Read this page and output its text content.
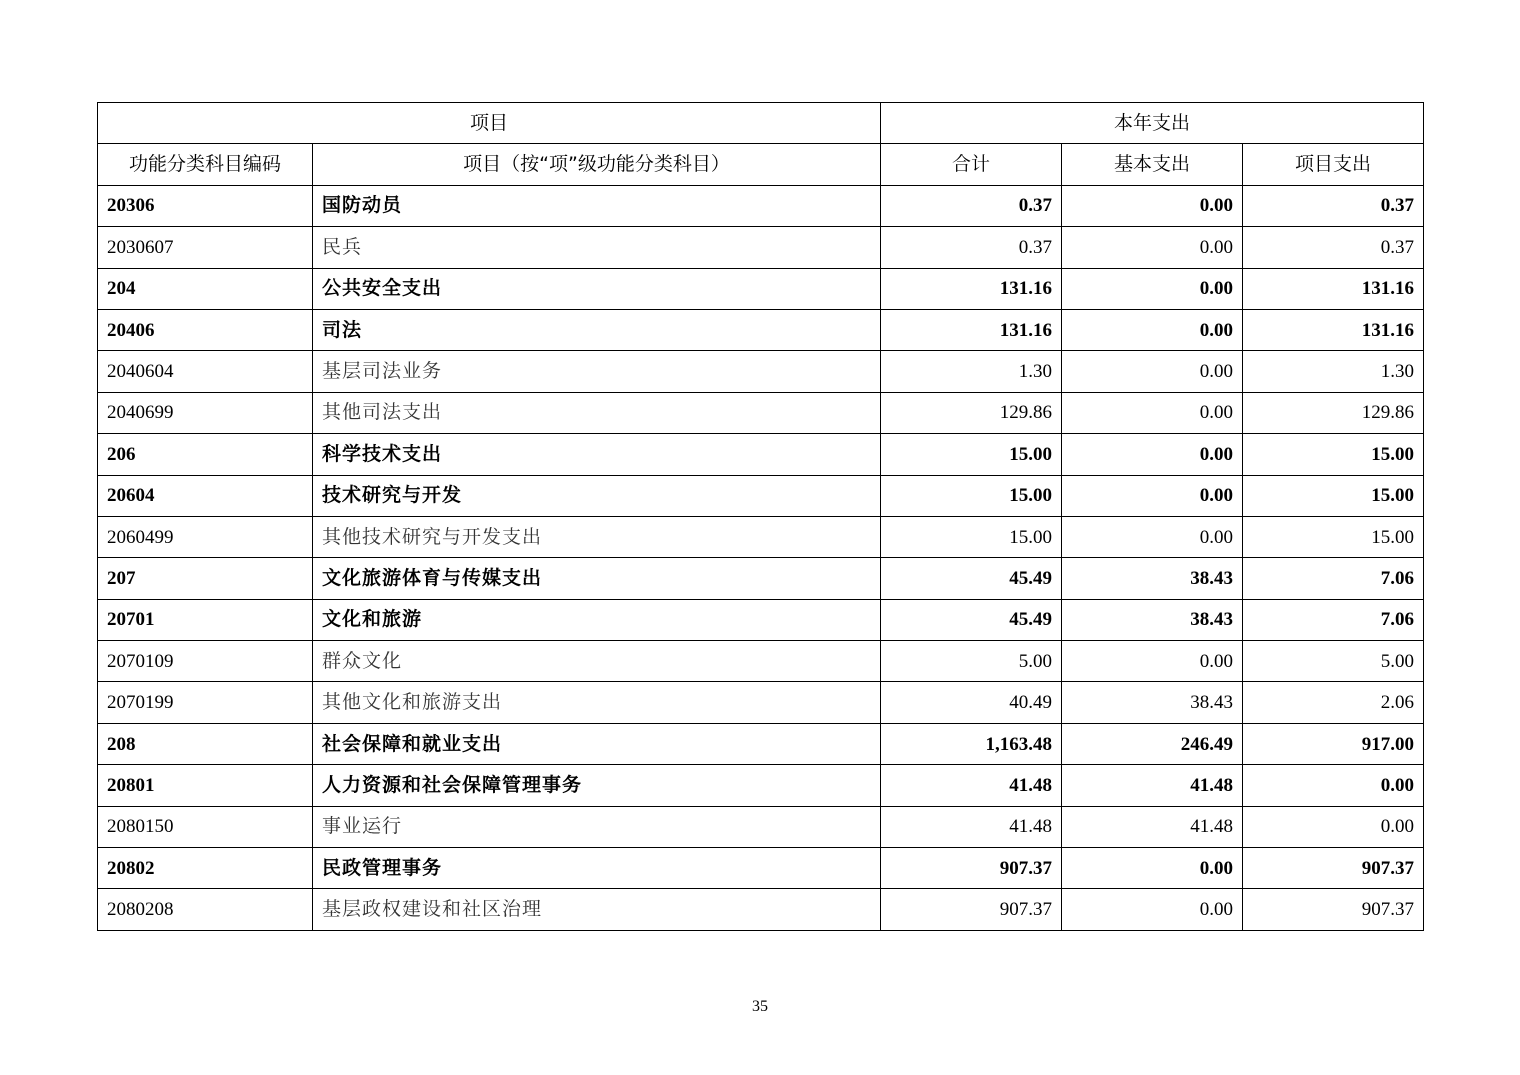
项目		本年支出		
功能分类科目编码	项目（按“项”级功能分类科目）	合计	基本支出	项目支出
20306	国防动员	0.37	0.00	0.37
2030607	民兵	0.37	0.00	0.37
204	公共安全支出	131.16	0.00	131.16
20406	司法	131.16	0.00	131.16
2040604	基层司法业务	1.30	0.00	1.30
2040699	其他司法支出	129.86	0.00	129.86
206	科学技术支出	15.00	0.00	15.00
20604	技术研究与开发	15.00	0.00	15.00
2060499	其他技术研究与开发支出	15.00	0.00	15.00
207	文化旅游体育与传媒支出	45.49	38.43	7.06
20701	文化和旅游	45.49	38.43	7.06
2070109	群众文化	5.00	0.00	5.00
2070199	其他文化和旅游支出	40.49	38.43	2.06
208	社会保障和就业支出	1,163.48	246.49	917.00
20801	人力资源和社会保障管理事务	41.48	41.48	0.00
2080150	事业运行	41.48	41.48	0.00
20802	民政管理事务	907.37	0.00	907.37
2080208	基层政权建设和社区治理	907.37	0.00	907.37
35
